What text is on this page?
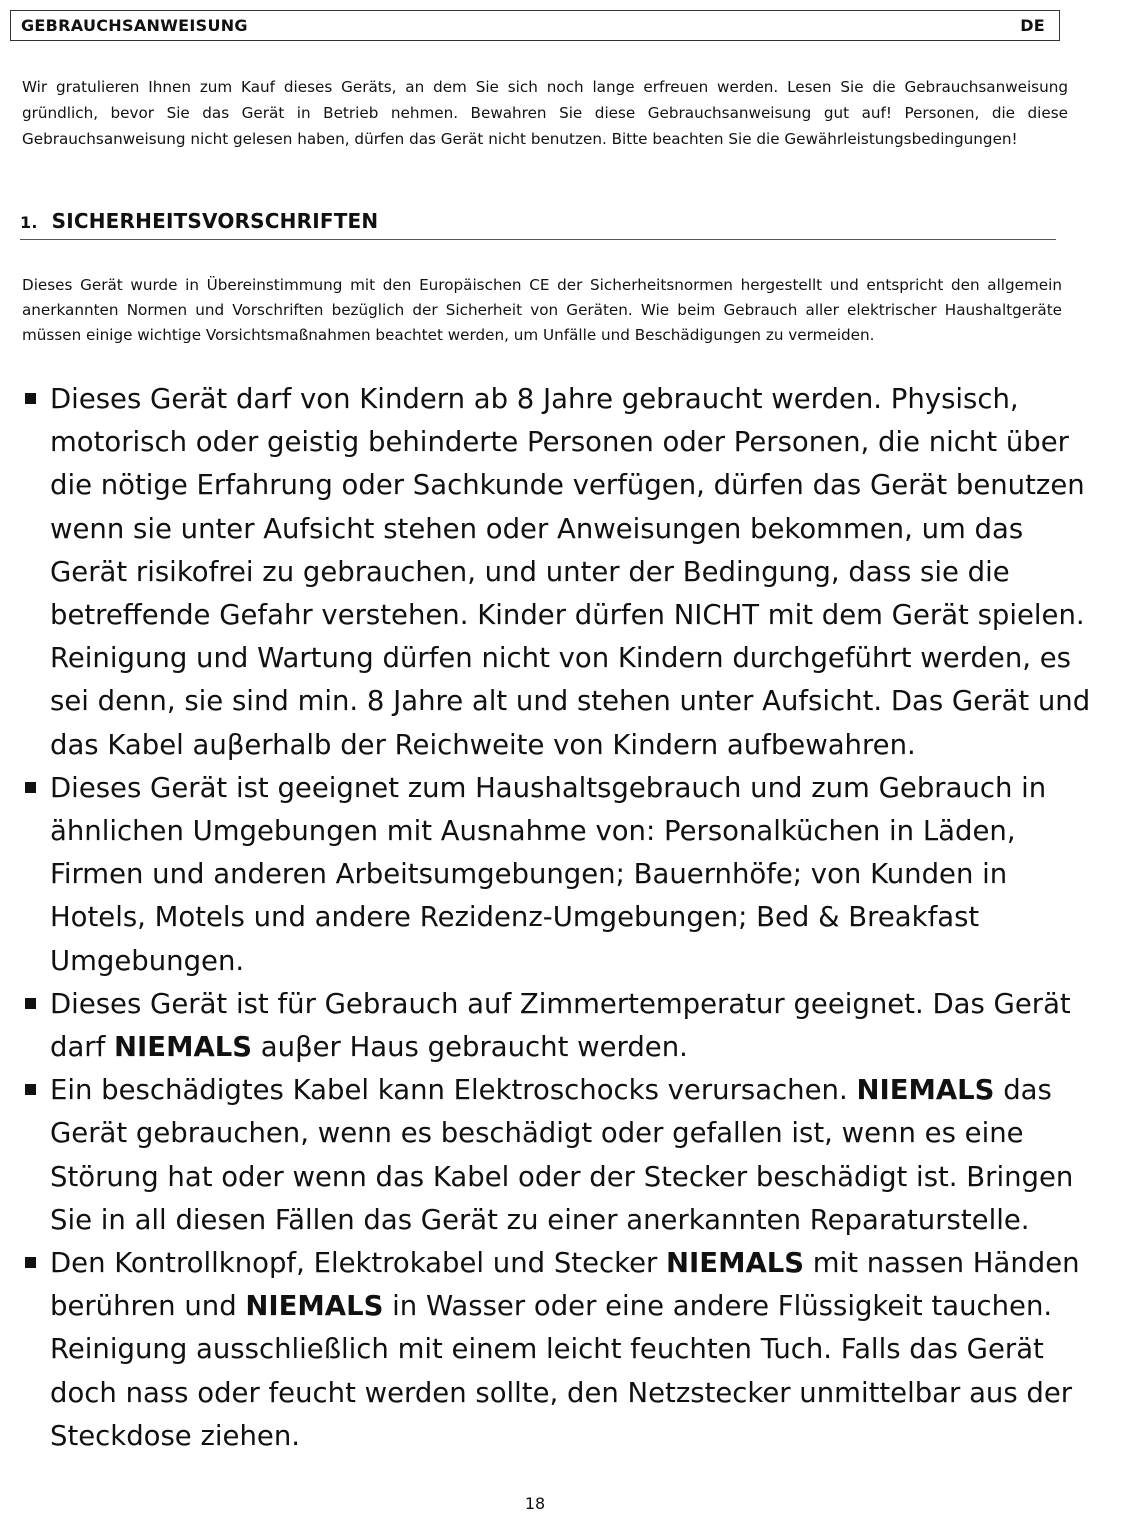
GEBRAUCHSANWEISUNG	DE

Wir gratulieren Ihnen zum Kauf dieses Geräts, an dem Sie sich noch lange erfreuen werden. Lesen Sie die Gebrauchsanweisung gründlich, bevor Sie das Gerät in Betrieb nehmen. Bewahren Sie diese Gebrauchsanweisung gut auf! Personen, die diese Gebrauchsanweisung nicht gelesen haben, dürfen das Gerät nicht benutzen. Bitte beachten Sie die Gewährleistungsbedingungen!

1. SICHERHEITSVORSCHRIFTEN

Dieses Gerät wurde in Übereinstimmung mit den Europäischen CE der Sicherheitsnormen hergestellt und entspricht den allgemein anerkannten Normen und Vorschriften bezüglich der Sicherheit von Geräten. Wie beim Gebrauch aller elektrischer Haushaltgeräte müssen einige wichtige Vorsichtsmaßnahmen beachtet werden, um Unfälle und Beschädigungen zu vermeiden.

Dieses Gerät darf von Kindern ab 8 Jahre gebraucht werden. Physisch,
motorisch oder geistig behinderte Personen oder Personen, die nicht über
die nötige Erfahrung oder Sachkunde verfügen, dürfen das Gerät benutzen
wenn sie unter Aufsicht stehen oder Anweisungen bekommen, um das
Gerät risikofrei zu gebrauchen, und unter der Bedingung, dass sie die
betreffende Gefahr verstehen. Kinder dürfen NICHT mit dem Gerät spielen.
Reinigung und Wartung dürfen nicht von Kindern durchgeführt werden, es
sei denn, sie sind min. 8 Jahre alt und stehen unter Aufsicht. Das Gerät und
das Kabel auβerhalb der Reichweite von Kindern aufbewahren.
Dieses Gerät ist geeignet zum Haushaltsgebrauch und zum Gebrauch in
ähnlichen Umgebungen mit Ausnahme von: Personalküchen in Läden,
Firmen und anderen Arbeitsumgebungen; Bauernhöfe; von Kunden in
Hotels, Motels und andere Rezidenz-Umgebungen; Bed & Breakfast
Umgebungen.
Dieses Gerät ist für Gebrauch auf Zimmertemperatur geeignet. Das Gerät
darf NIEMALS auβer Haus gebraucht werden.
Ein beschädigtes Kabel kann Elektroschocks verursachen. NIEMALS das
Gerät gebrauchen, wenn es beschädigt oder gefallen ist, wenn es eine
Störung hat oder wenn das Kabel oder der Stecker beschädigt ist. Bringen
Sie in all diesen Fällen das Gerät zu einer anerkannten Reparaturstelle.
Den Kontrollknopf, Elektrokabel und Stecker NIEMALS mit nassen Händen
berühren und NIEMALS in Wasser oder eine andere Flüssigkeit tauchen.
Reinigung ausschließlich mit einem leicht feuchten Tuch. Falls das Gerät
doch nass oder feucht werden sollte, den Netzstecker unmittelbar aus der
Steckdose ziehen.
18
